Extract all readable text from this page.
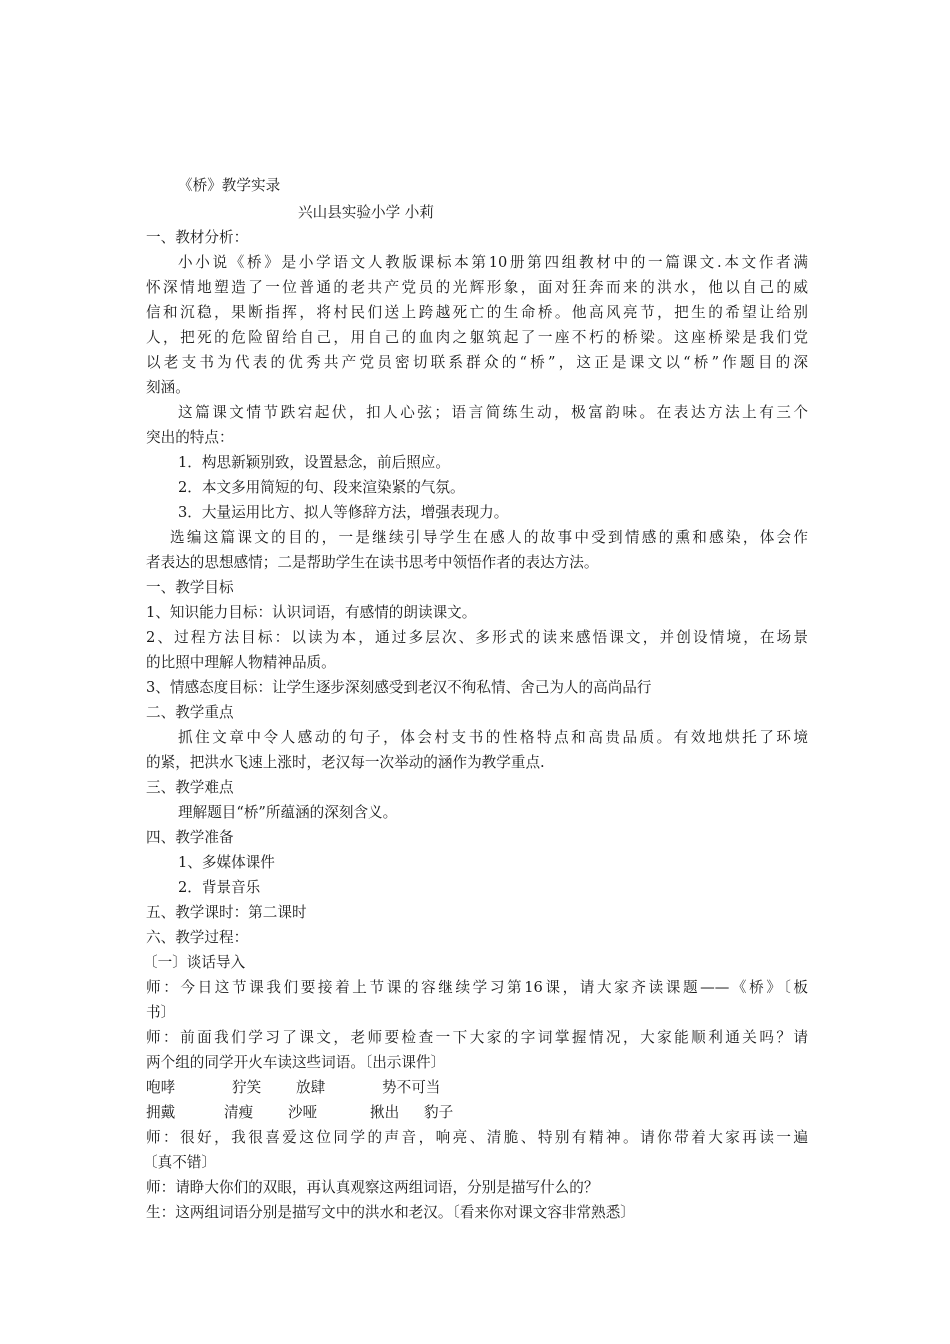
《桥》教学实录
兴山县实验小学 小莉
一、教材分析：
小小说《桥》是小学语文人教版课标本第10册第四组教材中的一篇课文.本文作者满
怀深情地塑造了一位普通的老共产党员的光辉形象，面对狂奔而来的洪水，他以自己的威
信和沉稳，果断指挥，将村民们送上跨越死亡的生命桥。他高风亮节，把生的希望让给别
人，把死的危险留给自己，用自己的血肉之躯筑起了一座不朽的桥梁。这座桥梁是我们党
以老支书为代表的优秀共产党员密切联系群众的“桥”，这正是课文以“桥”作题目的深
刻涵。
这篇课文情节跌宕起伏，扣人心弦；语言简练生动，极富韵味。在表达方法上有三个
突出的特点：
1．构思新颖别致，设置悬念，前后照应。
2．本文多用简短的句、段来渲染紧的气氛。
3．大量运用比方、拟人等修辞方法，增强表现力。
选编这篇课文的目的，一是继续引导学生在感人的故事中受到情感的熏和感染，体会作
者表达的思想感情；二是帮助学生在读书思考中领悟作者的表达方法。
一、教学目标
1、知识能力目标：认识词语，有感情的朗读课文。
2、过程方法目标：以读为本，通过多层次、多形式的读来感悟课文，并创设情境，在场景
的比照中理解人物精神品质。
3、情感态度目标：让学生逐步深刻感受到老汉不徇私情、舍己为人的高尚品行
二、教学重点
抓住文章中令人感动的句子，体会村支书的性格特点和高贵品质。有效地烘托了环境
的紧，把洪水飞速上涨时，老汉每一次举动的涵作为教学重点.
三、教学难点
理解题目“桥”所蕴涵的深刻含义。
四、教学准备
1、多媒体课件
2．背景音乐
五、教学课时：第二课时
六、教学过程：
〔一〕谈话导入
师：今日这节课我们要接着上节课的容继续学习第16课，请大家齐读课题——《桥》〔板
书〕
师：前面我们学习了课文，老师要检查一下大家的字词掌握情况，大家能顺利通关吗？请
两个组的同学开火车读这些词语。〔出示课件〕
咆哮	狞笑 放肆	势不可当
拥戴	清瘦 沙哑	揪出 豹子
师：很好，我很喜爱这位同学的声音，响亮、清脆、特别有精神。请你带着大家再读一遍
〔真不错〕
师：请睁大你们的双眼，再认真观察这两组词语，分别是描写什么的？
生：这两组词语分别是描写文中的洪水和老汉。〔看来你对课文容非常熟悉〕
